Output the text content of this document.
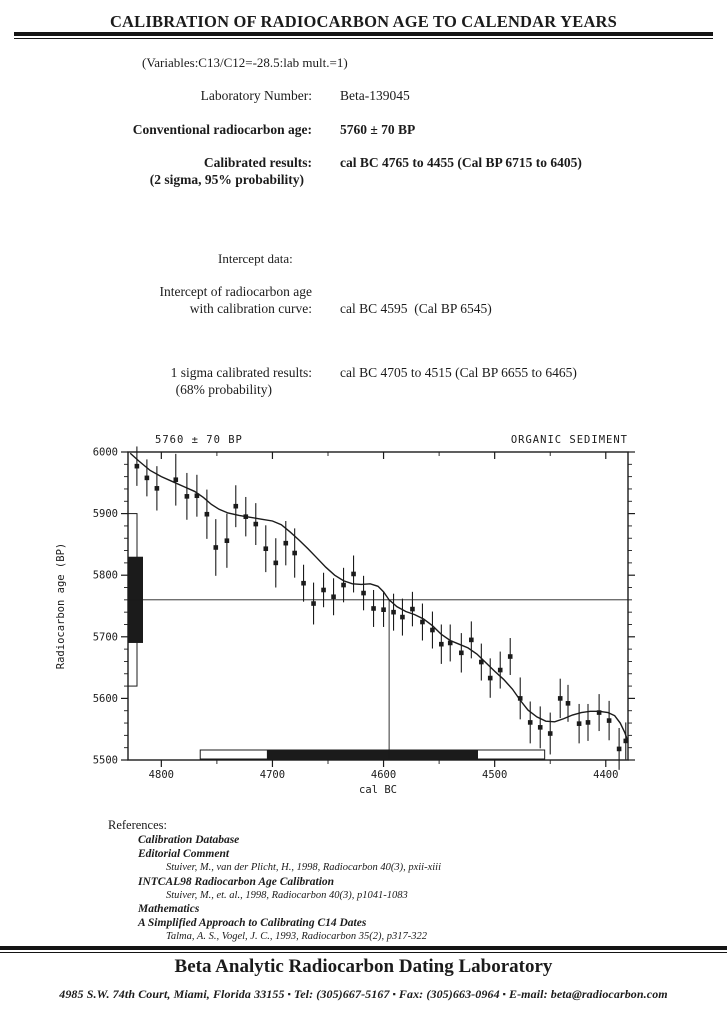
CALIBRATION OF RADIOCARBON AGE TO CALENDAR YEARS
(Variables:C13/C12=-28.5:lab mult.=1)
Laboratory Number: Beta-139045
Conventional radiocarbon age: 5760 ± 70 BP
Calibrated results:
(2 sigma, 95% probability)
cal BC 4765 to 4455 (Cal BP 6715 to 6405)
Intercept data:
Intercept of radiocarbon age
with calibration curve: cal BC 4595  (Cal BP 6545)
1 sigma calibrated results:
(68% probability)
cal BC 4705 to 4515 (Cal BP 6655 to 6465)
5500
5600
5700
5800
5900
6000
4800	4700	4600	4500	4400
5760 ± 70 BP	ORGANIC SEDIMENT
cal BC
Radiocarbon age (BP)
References:
Calibration Database
Editorial Comment
Stuiver, M., van der Plicht, H., 1998, Radiocarbon 40(3), pxii-xiii
INTCAL98 Radiocarbon Age Calibration
Stuiver, M., et. al., 1998, Radiocarbon 40(3), p1041-1083
Mathematics
A Simplified Approach to Calibrating C14 Dates
Talma, A. S., Vogel, J. C., 1993, Radiocarbon 35(2), p317-322
Beta Analytic Radiocarbon Dating Laboratory
4985 S.W. 74th Court, Miami, Florida 33155 ▪ Tel: (305)667-5167 ▪ Fax: (305)663-0964 ▪ E-mail: beta@radiocarbon.com
